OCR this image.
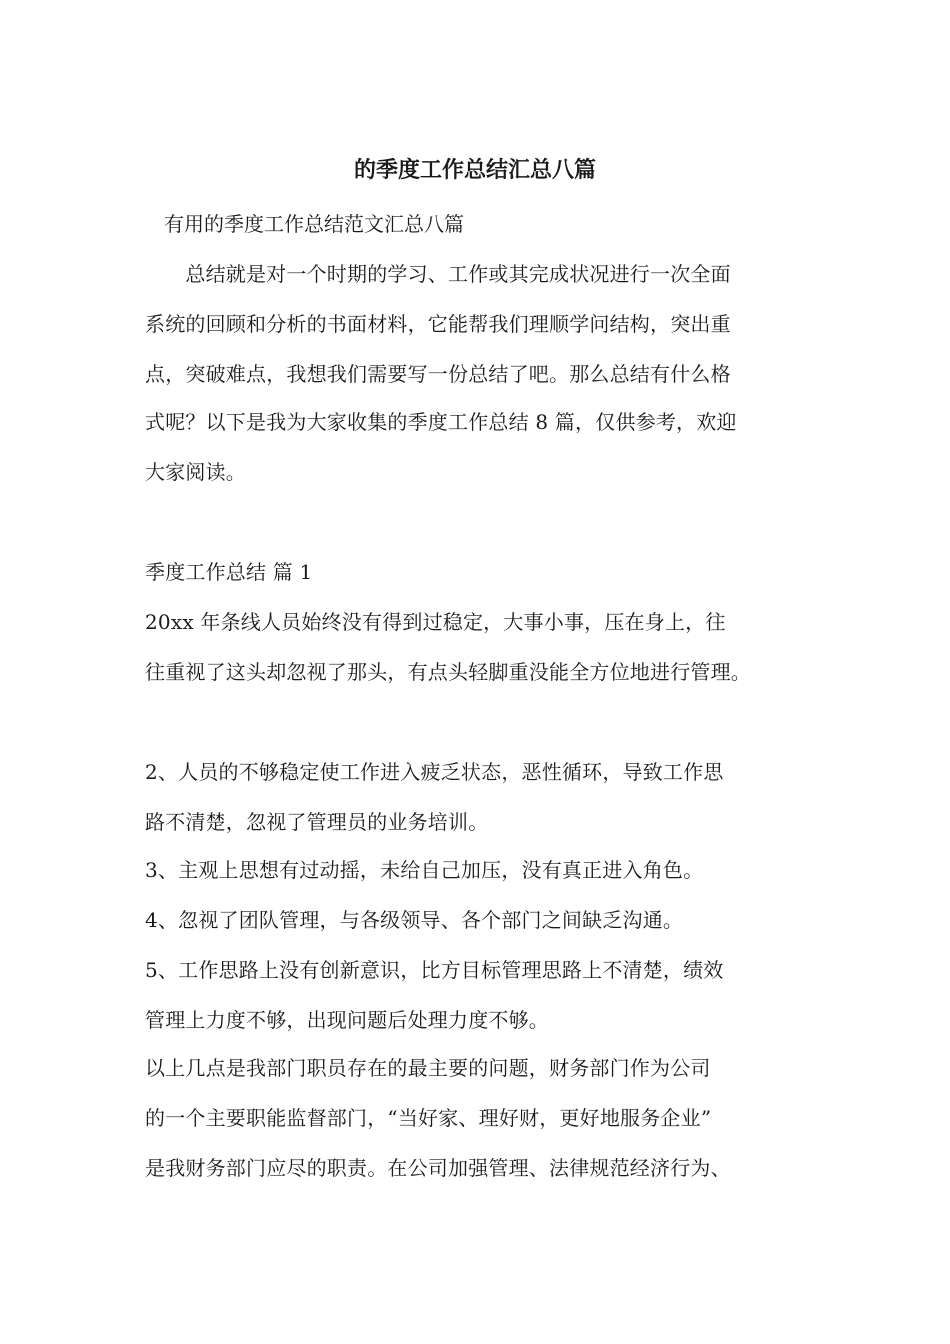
的季度工作总结汇总八篇
有用的季度工作总结范文汇总八篇
　　总结就是对一个时期的学习、工作或其完成状况进行一次全面
系统的回顾和分析的书面材料，它能帮我们理顺学问结构，突出重
点，突破难点，我想我们需要写一份总结了吧。那么总结有什么格
式呢？以下是我为大家收集的季度工作总结 8 篇，仅供参考，欢迎
大家阅读。
季度工作总结 篇 1
20xx 年条线人员始终没有得到过稳定，大事小事，压在身上，往
往重视了这头却忽视了那头，有点头轻脚重没能全方位地进行管理。
2、人员的不够稳定使工作进入疲乏状态，恶性循环，导致工作思
路不清楚，忽视了管理员的业务培训。
3、主观上思想有过动摇，未给自己加压，没有真正进入角色。
4、忽视了团队管理，与各级领导、各个部门之间缺乏沟通。
5、工作思路上没有创新意识，比方目标管理思路上不清楚，绩效
管理上力度不够，出现问题后处理力度不够。
以上几点是我部门职员存在的最主要的问题，财务部门作为公司
的一个主要职能监督部门，“当好家、理好财，更好地服务企业”
是我财务部门应尽的职责。在公司加强管理、法律规范经济行为、
